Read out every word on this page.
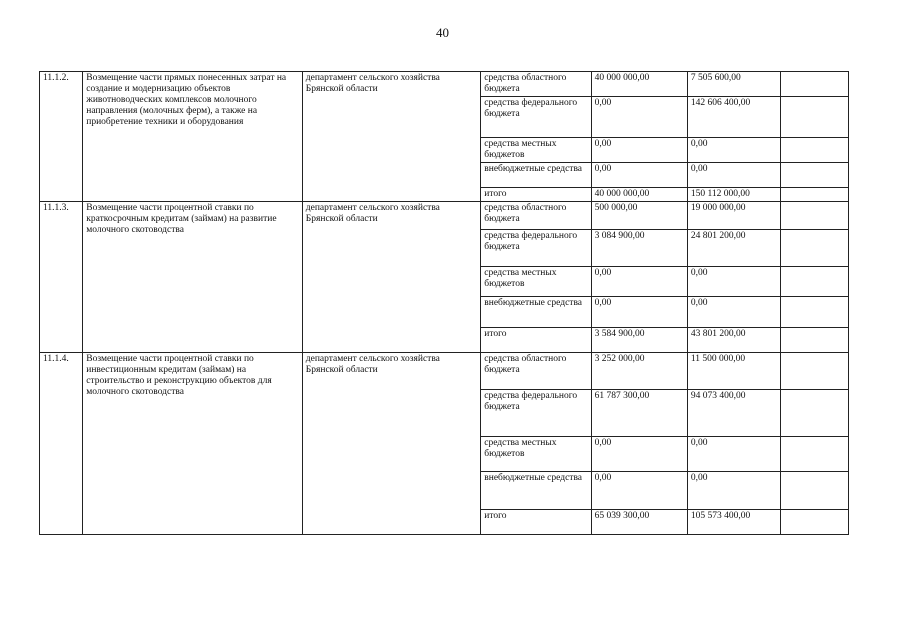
40
11.1.2.	Возмещение части прямых понесенных затрат на создание и модернизацию объектов животноводческих комплексов молочного направления (молочных ферм), а также на приобретение техники и оборудования	департамент сельского хозяйства Брянской области	средства областного бюджета	40 000 000,00	7 505 600,00	
			средства федерального бюджета	0,00	142 606 400,00	
			средства местных бюджетов	0,00	0,00	
			внебюджетные средства	0,00	0,00	
			итого	40 000 000,00	150 112 000,00	
11.1.3.	Возмещение части процентной ставки по краткосрочным кредитам (займам) на развитие молочного скотоводства	департамент сельского хозяйства Брянской области	средства областного бюджета	500 000,00	19 000 000,00	
			средства федерального бюджета	3 084 900,00	24 801 200,00	
			средства местных бюджетов	0,00	0,00	
			внебюджетные средства	0,00	0,00	
			итого	3 584 900,00	43 801 200,00	
11.1.4.	Возмещение части процентной ставки по инвестиционным кредитам (займам) на строительство и реконструкцию объектов для молочного скотоводства	департамент сельского хозяйства Брянской области	средства областного бюджета	3 252 000,00	11 500 000,00	
			средства федерального бюджета	61 787 300,00	94 073 400,00	
			средства местных бюджетов	0,00	0,00	
			внебюджетные средства	0,00	0,00	
			итого	65 039 300,00	105 573 400,00	
